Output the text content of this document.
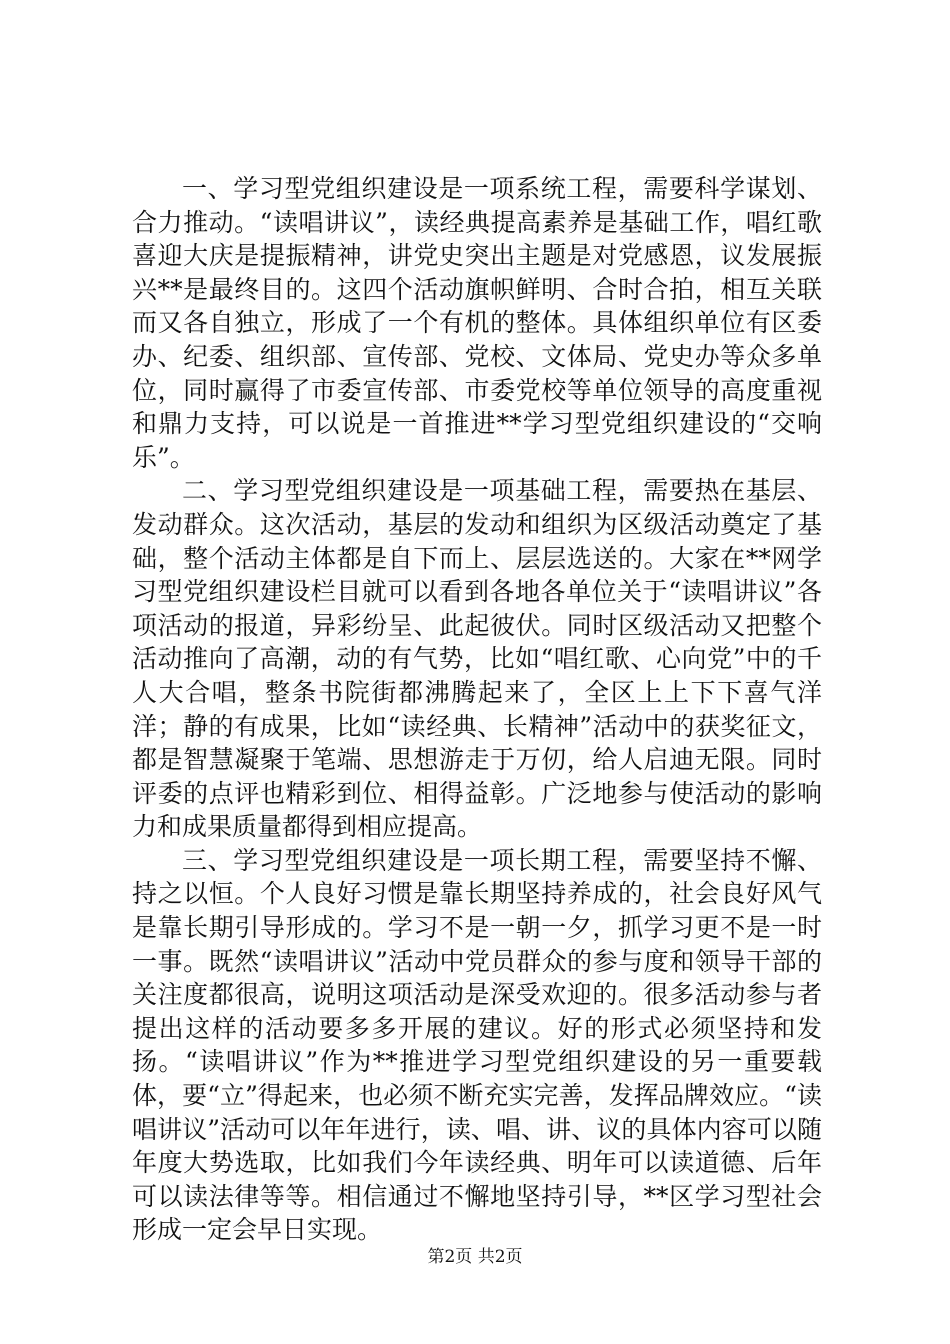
一、学习型党组织建设是一项系统工程，需要科学谋划、合力推动。“读唱讲议”，读经典提高素养是基础工作，唱红歌喜迎大庆是提振精神，讲党史突出主题是对党感恩，议发展振兴**是最终目的。这四个活动旗帜鲜明、合时合拍，相互关联而又各自独立，形成了一个有机的整体。具体组织单位有区委办、纪委、组织部、宣传部、党校、文体局、党史办等众多单位，同时赢得了市委宣传部、市委党校等单位领导的高度重视和鼎力支持，可以说是一首推进**学习型党组织建设的“交响乐”。

二、学习型党组织建设是一项基础工程，需要热在基层、发动群众。这次活动，基层的发动和组织为区级活动奠定了基础，整个活动主体都是自下而上、层层选送的。大家在**网学习型党组织建设栏目就可以看到各地各单位关于“读唱讲议”各项活动的报道，异彩纷呈、此起彼伏。同时区级活动又把整个活动推向了高潮，动的有气势，比如“唱红歌、心向党”中的千人大合唱，整条书院街都沸腾起来了，全区上上下下喜气洋洋；静的有成果，比如“读经典、长精神”活动中的获奖征文，都是智慧凝聚于笔端、思想游走于万仞，给人启迪无限。同时评委的点评也精彩到位、相得益彰。广泛地参与使活动的影响力和成果质量都得到相应提高。

三、学习型党组织建设是一项长期工程，需要坚持不懈、持之以恒。个人良好习惯是靠长期坚持养成的，社会良好风气是靠长期引导形成的。学习不是一朝一夕，抓学习更不是一时一事。既然“读唱讲议”活动中党员群众的参与度和领导干部的关注度都很高，说明这项活动是深受欢迎的。很多活动参与者提出这样的活动要多多开展的建议。好的形式必须坚持和发扬。“读唱讲议”作为**推进学习型党组织建设的另一重要载体，要“立”得起来，也必须不断充实完善，发挥品牌效应。“读唱讲议”活动可以年年进行，读、唱、讲、议的具体内容可以随年度大势选取，比如我们今年读经典、明年可以读道德、后年可以读法律等等。相信通过不懈地坚持引导，**区学习型社会形成一定会早日实现。

第2页 共2页
